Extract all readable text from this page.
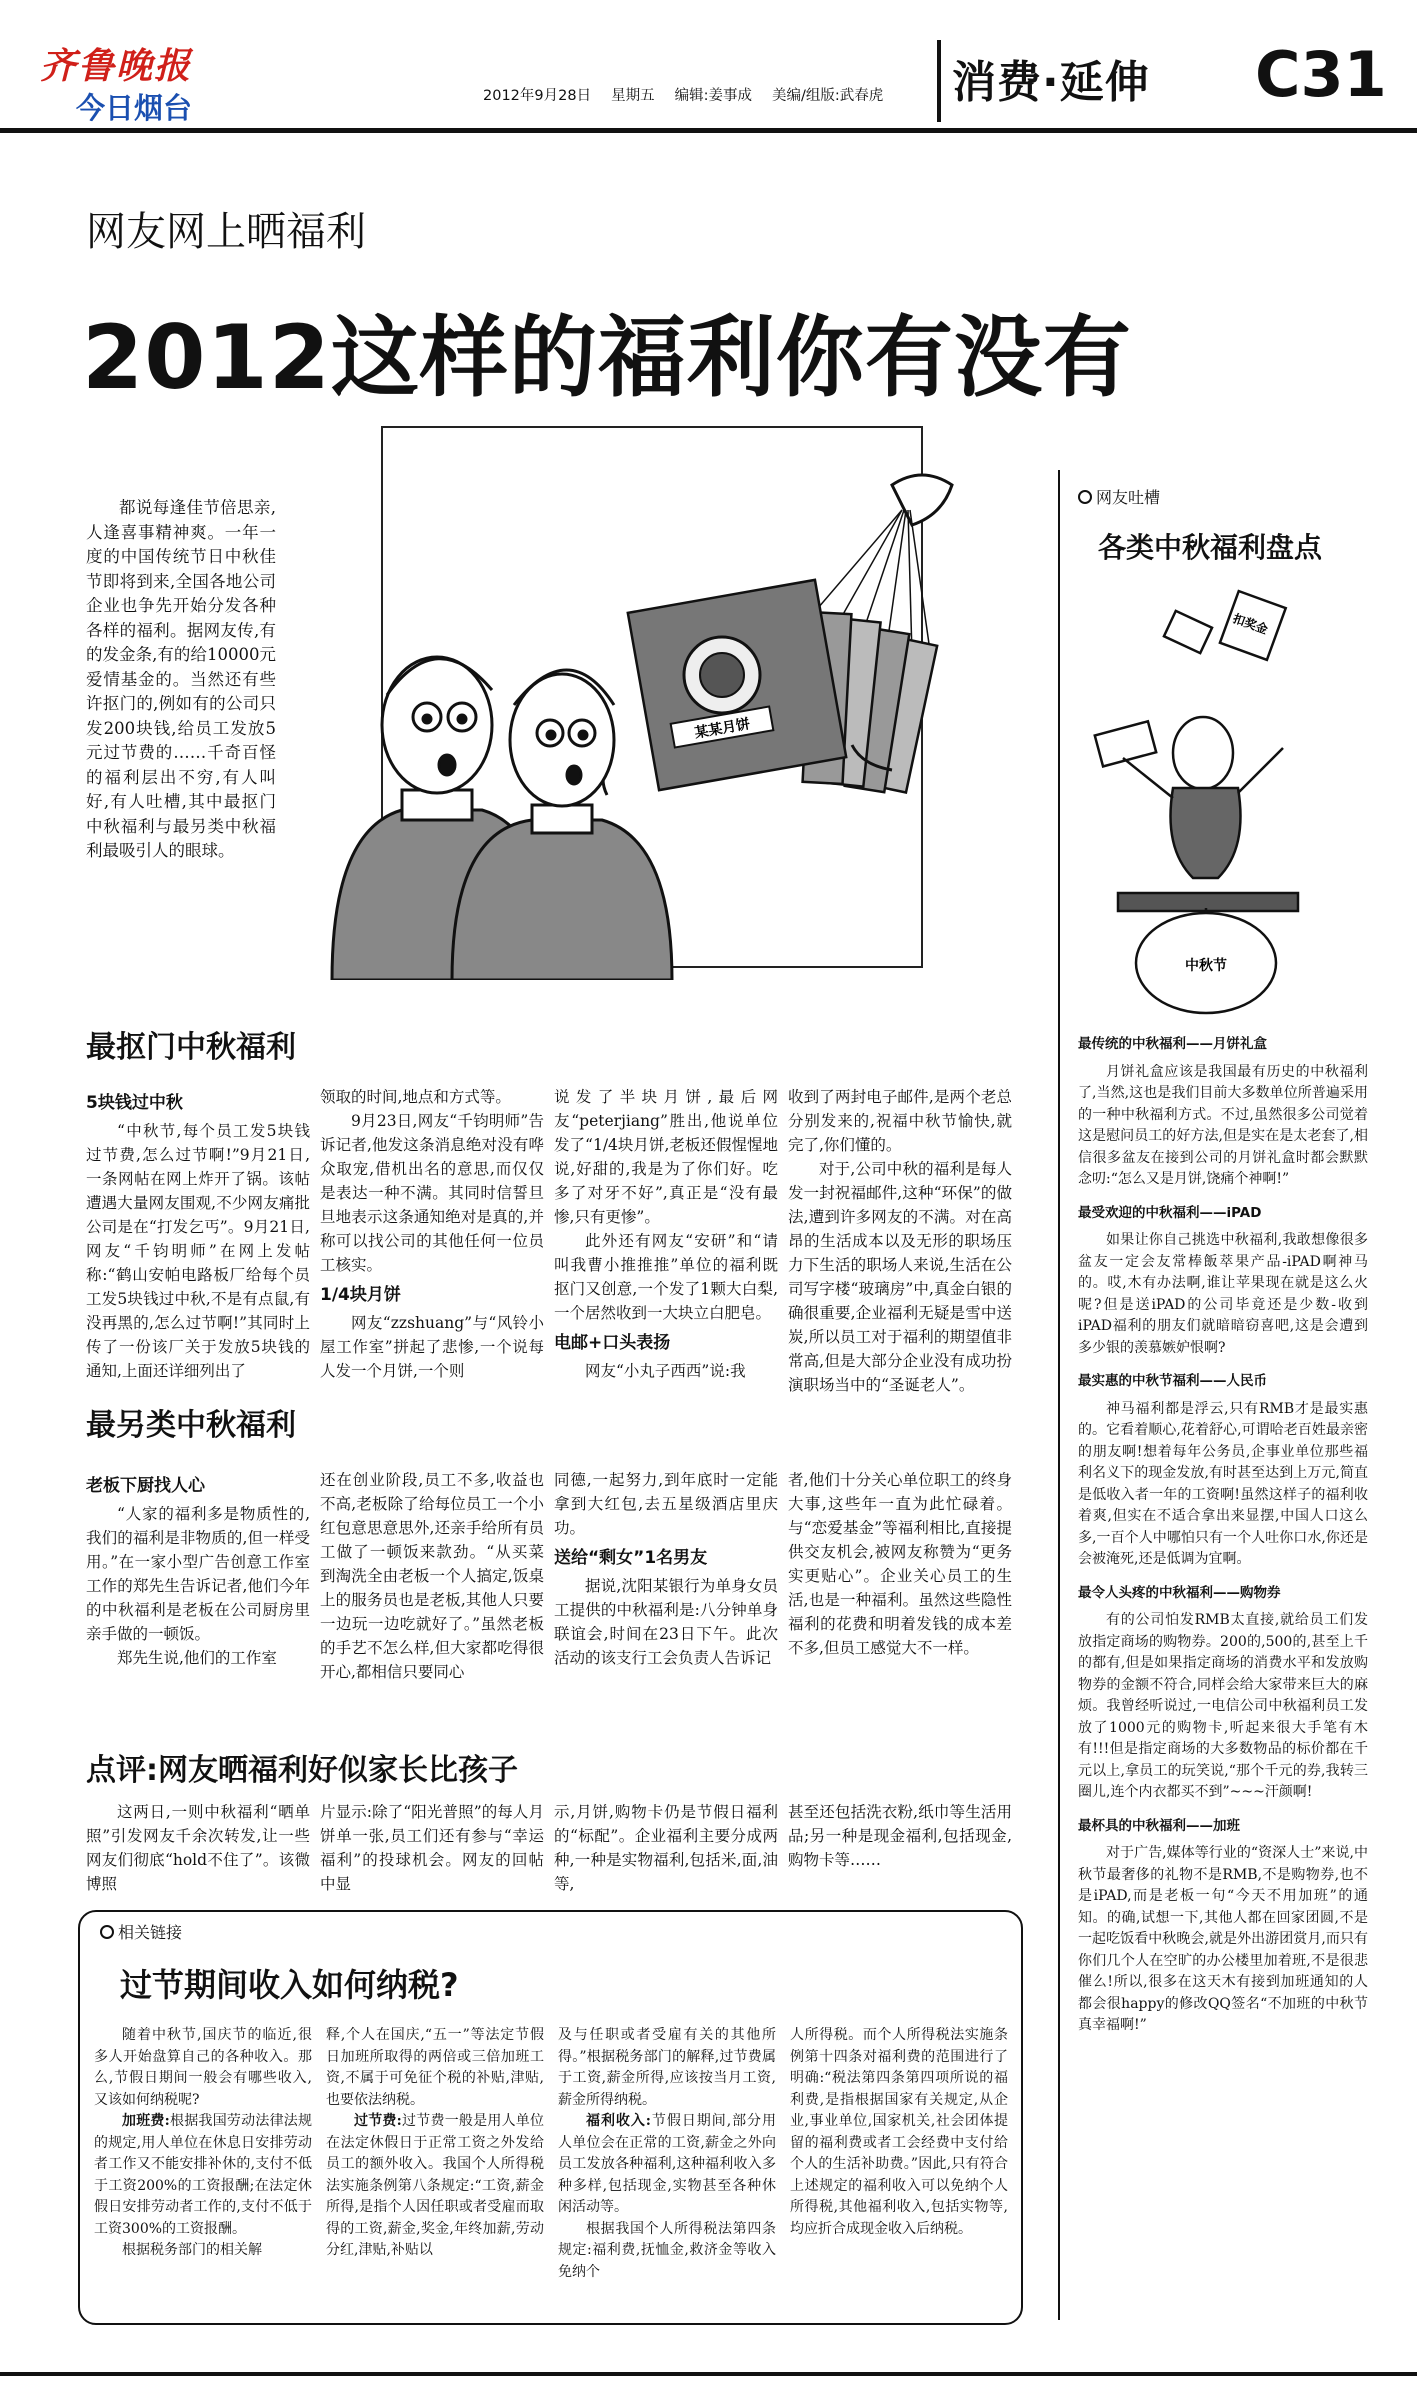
齐鲁晚报
今日烟台	2012年9月28日 星期五 编辑:姜事成 美编/组版:武春虎 消费·延伸 C31
网友网上晒福利
2012这样的福利你有没有

都说每逢佳节倍思亲,人逢喜事精神爽。一年一度的中国传统节日中秋佳节即将到来,全国各地公司企业也争先开始分发各种各样的福利。据网友传,有的发金条,有的给10000元爱情基金的。当然还有些许抠门的,例如有的公司只发200块钱,给员工发放5元过节费的……千奇百怪的福利层出不穷,有人叫好,有人吐槽,其中最抠门中秋福利与最另类中秋福利最吸引人的眼球。

某某月饼
网友吐槽
各类中秋福利盘点
扣奖金
中秋节
最传统的中秋福利——月饼礼盒

月饼礼盒应该是我国最有历史的中秋福利了,当然,这也是我们目前大多数单位所普遍采用的一种中秋福利方式。不过,虽然很多公司觉着这是慰问员工的好方法,但是实在是太老套了,相信很多盆友在接到公司的月饼礼盒时都会默默念叨:“怎么又是月饼,饶痛个神啊!”

最受欢迎的中秋福利——iPAD

如果让你自己挑选中秋福利,我敢想像很多盆友一定会友常棒飯萃果产品-iPAD啊神马的。哎,木有办法啊,谁让苹果现在就是这么火呢?但是送iPAD的公司毕竟还是少数-收到iPAD福利的朋友们就暗暗窃喜吧,这是会遭到多少银的羡慕嫉妒恨啊?

最实惠的中秋节福利——人民币

神马福利都是浮云,只有RMB才是最实惠的。它看着顺心,花着舒心,可谓哈老百姓最亲密的朋友啊!想着每年公务员,企事业单位那些福利名义下的现金发放,有时甚至达到上万元,简直是低收入者一年的工资啊!虽然这样子的福利收着爽,但实在不适合拿出来显摆,中国人口这么多,一百个人中哪怕只有一个人吐你口水,你还是会被淹死,还是低调为宜啊。

最令人头疼的中秋福利——购物券

有的公司怕发RMB太直接,就给员工们发放指定商场的购物券。200的,500的,甚至上千的都有,但是如果指定商场的消费水平和发放购物券的金额不符合,同样会给大家带来巨大的麻烦。我曾经听说过,一电信公司中秋福利员工发放了1000元的购物卡,听起来很大手笔有木有!!!但是指定商场的大多数物品的标价都在千元以上,拿员工的玩笑说,“那个千元的券,我转三圈儿,连个内衣都买不到”~~~汗颜啊!

最杯具的中秋福利——加班

对于广告,媒体等行业的“资深人士”来说,中秋节最奢侈的礼物不是RMB,不是购物券,也不是iPAD,而是老板一句“今天不用加班”的通知。的确,试想一下,其他人都在回家团圆,不是一起吃饭看中秋晚会,就是外出游团赏月,而只有你们几个人在空旷的办公楼里加着班,不是很悲催么!所以,很多在这天木有接到加班通知的人都会很happy的修改QQ签名“不加班的中秋节真幸福啊!”

最抠门中秋福利
5块钱过中秋

“中秋节,每个员工发5块钱过节费,怎么过节啊!”9月21日,一条网帖在网上炸开了锅。该帖遭遇大量网友围观,不少网友痛批公司是在“打发乞丐”。9月21日,网友“千钧明师”在网上发帖称:“鹤山安帕电路板厂给每个员工发5块钱过中秋,不是有点鼠,有没再黑的,怎么过节啊!”其同时上传了一份该厂关于发放5块钱的通知,上面还详细列出了

领取的时间,地点和方式等。

9月23日,网友“千钧明师”告诉记者,他发这条消息绝对没有哗众取宠,借机出名的意思,而仅仅是表达一种不满。其同时信誓旦旦地表示这条通知绝对是真的,并称可以找公司的其他任何一位员工核实。

1/4块月饼

网友“zzshuang”与“风铃小屋工作室”拼起了悲惨,一个说每人发一个月饼,一个则

说发了半块月饼,最后网友“peterjiang”胜出,他说单位发了“1/4块月饼,老板还假惺惺地说,好甜的,我是为了你们好。吃多了对牙不好”,真正是“没有最惨,只有更惨”。

此外还有网友“安研”和“请叫我曹小推推推”单位的福利既抠门又创意,一个发了1颗大白梨,一个居然收到一大块立白肥皂。

电邮+口头表扬

网友“小丸子西西”说:我

收到了两封电子邮件,是两个老总分别发来的,祝福中秋节愉快,就完了,你们懂的。

对于,公司中秋的福利是每人发一封祝福邮件,这种“环保”的做法,遭到许多网友的不满。对在高昂的生活成本以及无形的职场压力下生活的职场人来说,生活在公司写字楼“玻璃房”中,真金白银的确很重要,企业福利无疑是雪中送炭,所以员工对于福利的期望值非常高,但是大部分企业没有成功扮演职场当中的“圣诞老人”。

最另类中秋福利
老板下厨找人心

“人家的福利多是物质性的,我们的福利是非物质的,但一样受用。”在一家小型广告创意工作室工作的郑先生告诉记者,他们今年的中秋福利是老板在公司厨房里亲手做的一顿饭。

郑先生说,他们的工作室

还在创业阶段,员工不多,收益也不高,老板除了给每位员工一个小红包意思意思外,还亲手给所有员工做了一顿饭来款劲。“从买菜到淘洗全由老板一个人搞定,饭桌上的服务员也是老板,其他人只要一边玩一边吃就好了。”虽然老板的手艺不怎么样,但大家都吃得很开心,都相信只要同心

同德,一起努力,到年底时一定能拿到大红包,去五星级酒店里庆功。

送给“剩女”1名男友

据说,沈阳某银行为单身女员工提供的中秋福利是:八分钟单身联谊会,时间在23日下午。此次活动的该支行工会负责人告诉记

者,他们十分关心单位职工的终身大事,这些年一直为此忙碌着。与“恋爱基金”等福利相比,直接提供交友机会,被网友称赞为“更务实更贴心”。企业关心员工的生活,也是一种福利。虽然这些隐性福利的花费和明着发钱的成本差不多,但员工感觉大不一样。

点评:网友晒福利好似家长比孩子

这两日,一则中秋福利“晒单照”引发网友千余次转发,让一些网友们彻底“hold不住了”。该微博照

片显示:除了“阳光普照”的每人月饼单一张,员工们还有参与“幸运福利”的投球机会。网友的回帖中显

示,月饼,购物卡仍是节假日福利的“标配”。企业福利主要分成两种,一种是实物福利,包括米,面,油等,

甚至还包括洗衣粉,纸巾等生活用品;另一种是现金福利,包括现金,购物卡等……

相关链接
过节期间收入如何纳税?

随着中秋节,国庆节的临近,很多人开始盘算自己的各种收入。那么,节假日期间一般会有哪些收入,又该如何纳税呢?

加班费:根据我国劳动法律法规的规定,用人单位在休息日安排劳动者工作又不能安排补休的,支付不低于工资200%的工资报酬;在法定休假日安排劳动者工作的,支付不低于工资300%的工资报酬。

根据税务部门的相关解

释,个人在国庆,“五一”等法定节假日加班所取得的两倍或三倍加班工资,不属于可免征个税的补贴,津贴,也要依法纳税。

过节费:过节费一般是用人单位在法定休假日于正常工资之外发给员工的额外收入。我国个人所得税法实施条例第八条规定:“工资,薪金所得,是指个人因任职或者受雇而取得的工资,薪金,奖金,年终加薪,劳动分红,津贴,补贴以

及与任职或者受雇有关的其他所得。”根据税务部门的解释,过节费属于工资,薪金所得,应该按当月工资,薪金所得纳税。

福利收入:节假日期间,部分用人单位会在正常的工资,薪金之外向员工发放各种福利,这种福利收入多种多样,包括现金,实物甚至各种休闲活动等。

根据我国个人所得税法第四条规定:福利费,抚恤金,救济金等收入免纳个

人所得税。而个人所得税法实施条例第十四条对福利费的范围进行了明确:“税法第四条第四项所说的福利费,是指根据国家有关规定,从企业,事业单位,国家机关,社会团体提留的福利费或者工会经费中支付给个人的生活补助费。”因此,只有符合上述规定的福利收入可以免纳个人所得税,其他福利收入,包括实物等,均应折合成现金收入后纳税。
